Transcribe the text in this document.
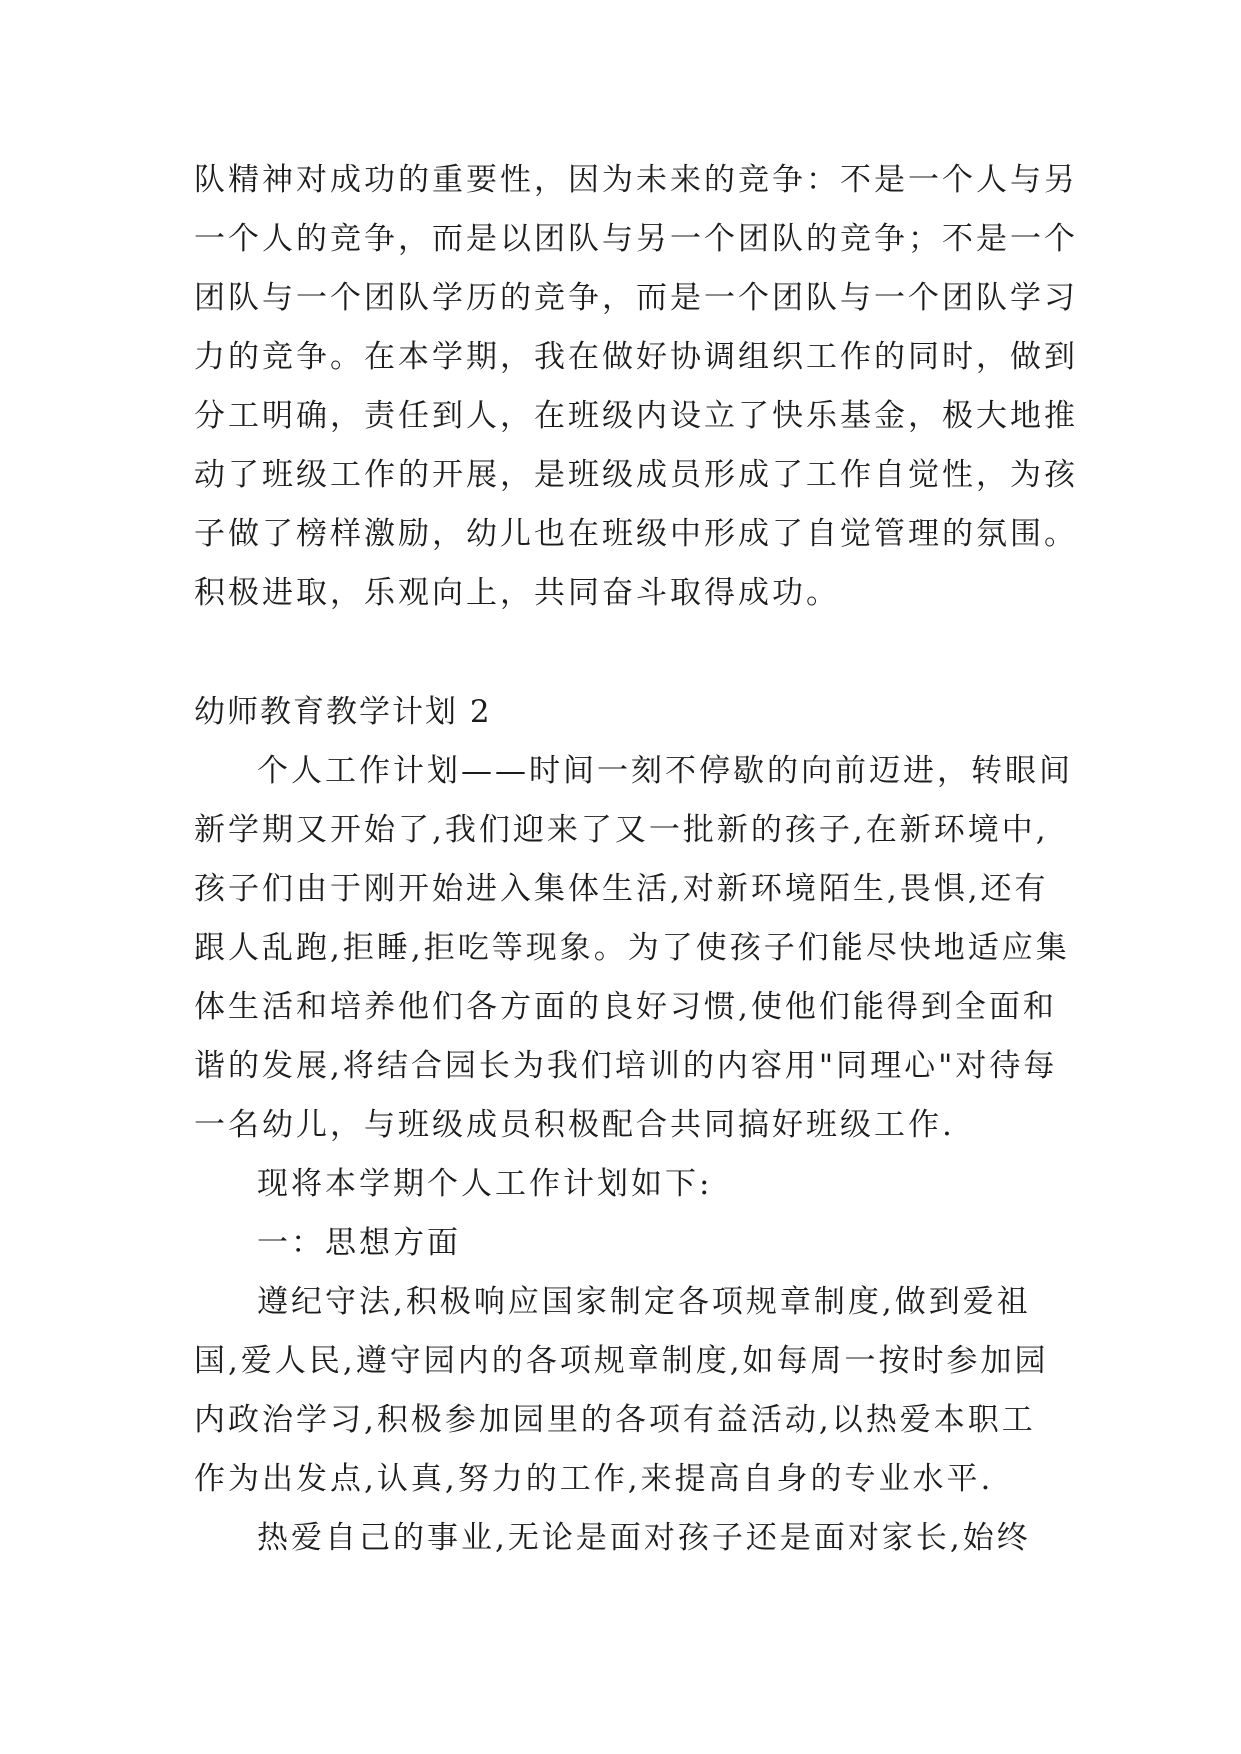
队精神对成功的重要性，因为未来的竞争：不是一个人与另
一个人的竞争，而是以团队与另一个团队的竞争；不是一个
团队与一个团队学历的竞争，而是一个团队与一个团队学习
力的竞争。在本学期，我在做好协调组织工作的同时，做到
分工明确，责任到人，在班级内设立了快乐基金，极大地推
动了班级工作的开展，是班级成员形成了工作自觉性，为孩
子做了榜样激励，幼儿也在班级中形成了自觉管理的氛围。
积极进取，乐观向上，共同奋斗取得成功。
幼师教育教学计划 2
个人工作计划——时间一刻不停歇的向前迈进，转眼间
新学期又开始了,我们迎来了又一批新的孩子,在新环境中,
孩子们由于刚开始进入集体生活,对新环境陌生,畏惧,还有
跟人乱跑,拒睡,拒吃等现象。为了使孩子们能尽快地适应集
体生活和培养他们各方面的良好习惯,使他们能得到全面和
谐的发展,将结合园长为我们培训的内容用"同理心"对待每
一名幼儿，与班级成员积极配合共同搞好班级工作.
现将本学期个人工作计划如下:
一：思想方面
遵纪守法,积极响应国家制定各项规章制度,做到爱祖
国,爱人民,遵守园内的各项规章制度,如每周一按时参加园
内政治学习,积极参加园里的各项有益活动,以热爱本职工
作为出发点,认真,努力的工作,来提高自身的专业水平.
热爱自己的事业,无论是面对孩子还是面对家长,始终
